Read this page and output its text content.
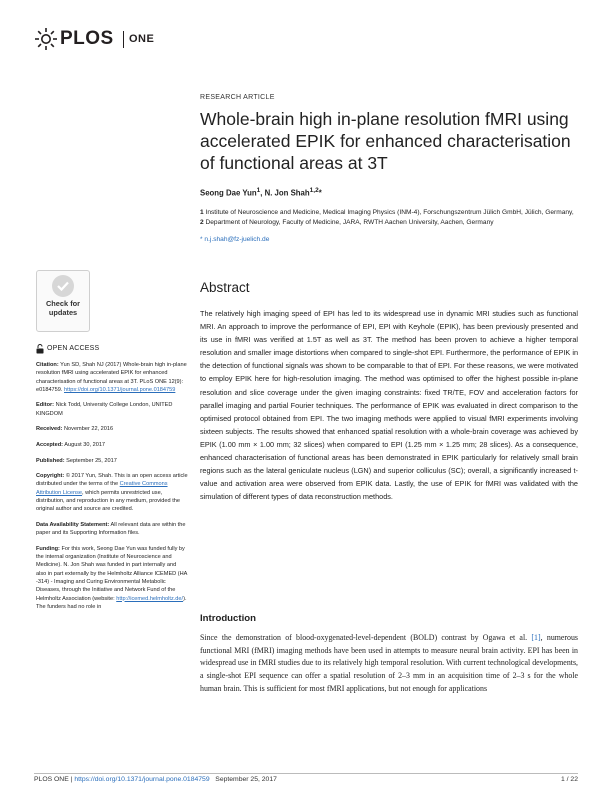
PLOS ONE
Check for
updates

OPEN ACCESS

Citation: Yun SD, Shah NJ (2017) Whole-brain high in-plane resolution fMRI using accelerated EPIK for enhanced characterisation of functional areas at 3T. PLoS ONE 12(9): e0184759. https://doi.org/10.1371/journal.pone.0184759

Editor: Nick Todd, University College London, UNITED KINGDOM

Received: November 22, 2016

Accepted: August 30, 2017

Published: September 25, 2017

Copyright: © 2017 Yun, Shah. This is an open access article distributed under the terms of the Creative Commons Attribution License, which permits unrestricted use, distribution, and reproduction in any medium, provided the original author and source are credited.

Data Availability Statement: All relevant data are within the paper and its Supporting Information files.

Funding: For this work, Seong Dae Yun was funded fully by the internal organization (Institute of Neuroscience and Medicine). N. Jon Shah was funded in part internally and also in part externally by the Helmholtz Alliance ICEMED (HA -314) - Imaging and Curing Environmental Metabolic Diseases, through the Initiative and Network Fund of the Helmholtz Association (website: http://icemed.helmholtz.de/). The funders had no role in

RESEARCH ARTICLE
Whole-brain high in-plane resolution fMRI using accelerated EPIK for enhanced characterisation of functional areas at 3T
Seong Dae Yun$^1$, N. Jon Shah$^{1,2}$*
1 Institute of Neuroscience and Medicine, Medical Imaging Physics (INM-4), Forschungszentrum Jülich GmbH, Jülich, Germany, 2 Department of Neurology, Faculty of Medicine, JARA, RWTH Aachen University, Aachen, Germany
* n.j.shah@fz-juelich.de
Abstract
The relatively high imaging speed of EPI has led to its widespread use in dynamic MRI studies such as functional MRI. An approach to improve the performance of EPI, EPI with Keyhole (EPIK), has been previously presented and its use in fMRI was verified at 1.5T as well as 3T. The method has been proven to achieve a higher temporal resolution and smaller image distortions when compared to single-shot EPI. Furthermore, the performance of EPIK in the detection of functional signals was shown to be comparable to that of EPI. For these reasons, we were motivated to employ EPIK here for high-resolution imaging. The method was optimised to offer the highest possible in-plane resolution and slice coverage under the given imaging constraints: fixed TR/TE, FOV and acceleration factors for parallel imaging and partial Fourier techniques. The performance of EPIK was evaluated in direct comparison to the optimised protocol obtained from EPI. The two imaging methods were applied to visual fMRI experiments involving sixteen subjects. The results showed that enhanced spatial resolution with a whole-brain coverage was achieved by EPIK (1.00 mm × 1.00 mm; 32 slices) when compared to EPI (1.25 mm × 1.25 mm; 28 slices). As a consequence, enhanced characterisation of functional areas has been demonstrated in EPIK particularly for relatively small brain regions such as the lateral geniculate nucleus (LGN) and superior colliculus (SC); overall, a significantly increased t-value and activation area were observed from EPIK data. Lastly, the use of EPIK for fMRI was validated with the simulation of different types of data reconstruction methods.
Introduction
Since the demonstration of blood-oxygenated-level-dependent (BOLD) contrast by Ogawa et al. [1], numerous functional MRI (fMRI) imaging methods have been used in attempts to measure neural brain activity. EPI has been in widespread use in fMRI studies due to its relatively high temporal resolution. With current technological developments, a single-shot EPI sequence can offer a spatial resolution of 2–3 mm in an acquisition time of 2–3 s for the whole human brain. This is sufficient for most fMRI applications, but not enough for applications
PLOS ONE | https://doi.org/10.1371/journal.pone.0184759 September 25, 2017	1 / 22
